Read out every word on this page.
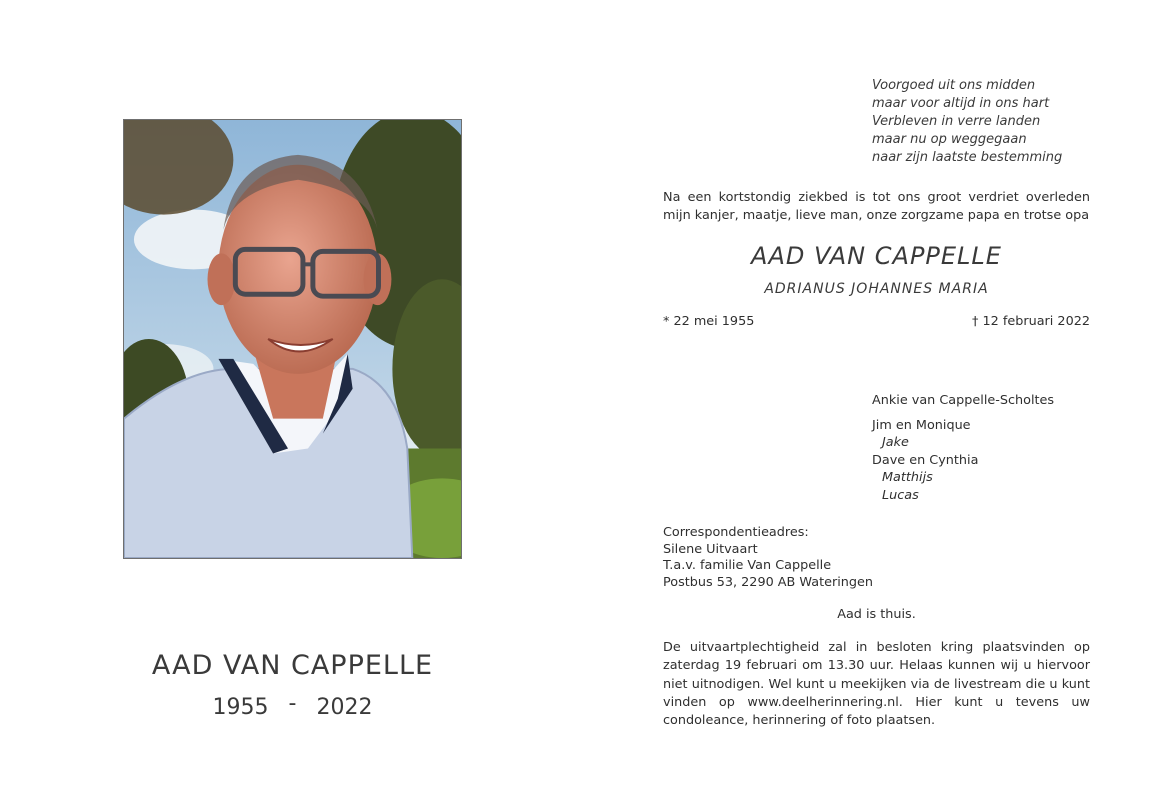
AAD VAN CAPPELLE
1955 - 2022
Voorgoed uit ons midden
maar voor altijd in ons hart
Verbleven in verre landen
maar nu op weggegaan
naar zijn laatste bestemming
Na een kortstondig ziekbed is tot ons groot verdriet overleden mijn kanjer, maatje, lieve man, onze zorgzame papa en trotse opa
AAD VAN CAPPELLE
ADRIANUS JOHANNES MARIA
* 22 mei 1955	† 12 februari 2022
Ankie van Cappelle-Scholtes
Jim en Monique
Jake
Dave en Cynthia
Matthijs
Lucas
Correspondentieadres:
Silene Uitvaart
T.a.v. familie Van Cappelle
Postbus 53, 2290 AB Wateringen
Aad is thuis.
De uitvaartplechtigheid zal in besloten kring plaatsvinden op zaterdag 19 februari om 13.30 uur. Helaas kunnen wij u hiervoor niet uitnodigen. Wel kunt u meekijken via de livestream die u kunt vinden op www.deelherinnering.nl. Hier kunt u tevens uw condoleance, herinnering of foto plaatsen.
